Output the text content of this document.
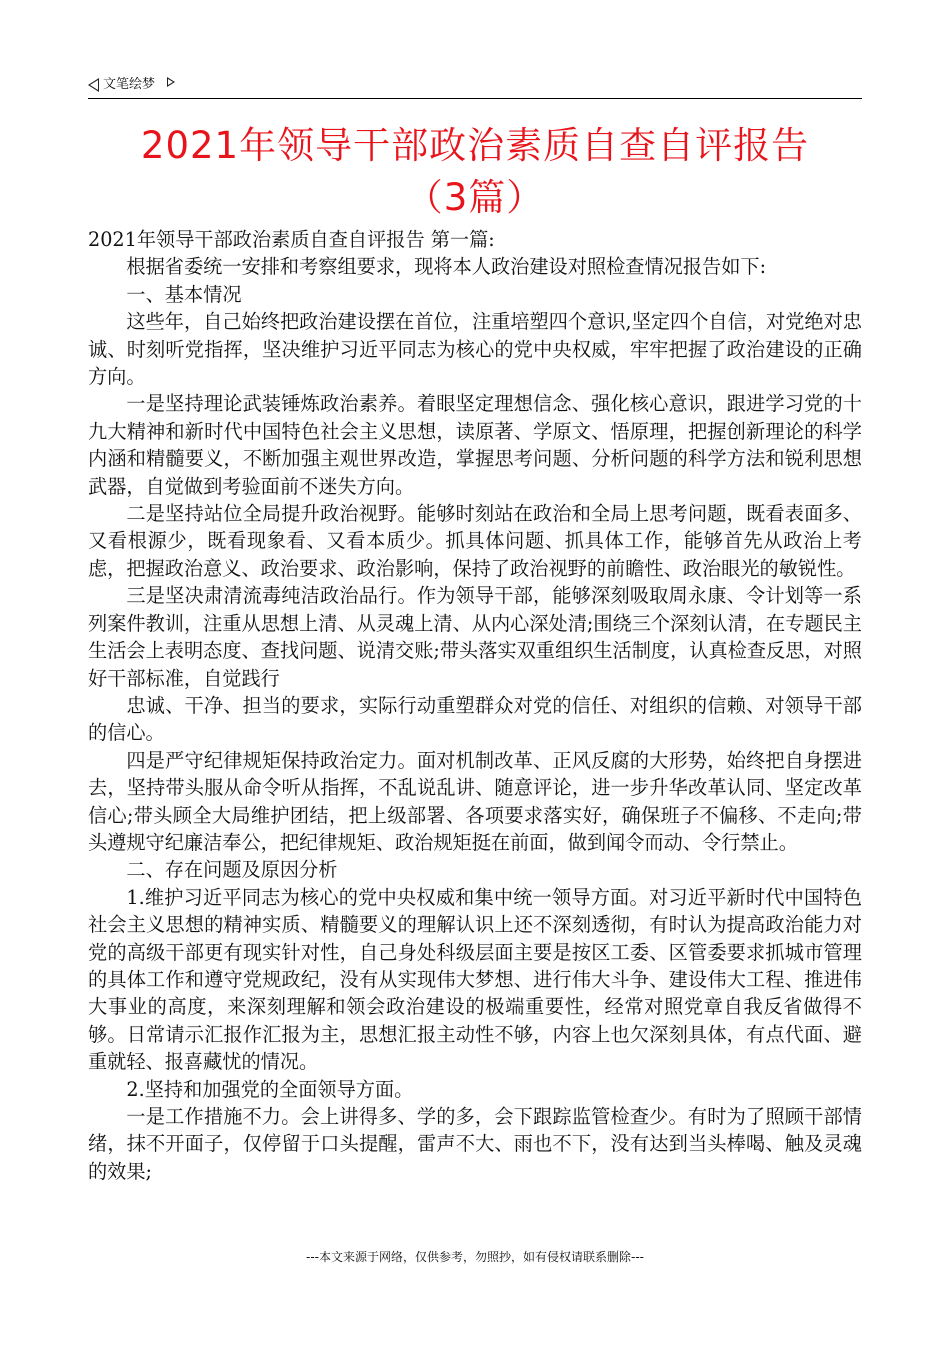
文笔绘梦
2021年领导干部政治素质自查自评报告
（3篇）

2021年领导干部政治素质自查自评报告 第一篇:

根据省委统一安排和考察组要求，现将本人政治建设对照检查情况报告如下:

一、基本情况

这些年，自己始终把政治建设摆在首位，注重培塑四个意识,坚定四个自信，对党绝对忠诚、时刻听党指挥，坚决维护习近平同志为核心的党中央权威，牢牢把握了政治建设的正确方向。

一是坚持理论武装锤炼政治素养。着眼坚定理想信念、强化核心意识，跟进学习党的十九大精神和新时代中国特色社会主义思想，读原著、学原文、悟原理，把握创新理论的科学内涵和精髓要义，不断加强主观世界改造，掌握思考问题、分析问题的科学方法和锐利思想武器，自觉做到考验面前不迷失方向。

二是坚持站位全局提升政治视野。能够时刻站在政治和全局上思考问题，既看表面多、又看根源少，既看现象看、又看本质少。抓具体问题、抓具体工作，能够首先从政治上考虑，把握政治意义、政治要求、政治影响，保持了政治视野的前瞻性、政治眼光的敏锐性。

三是坚决肃清流毒纯洁政治品行。作为领导干部，能够深刻吸取周永康、令计划等一系列案件教训，注重从思想上清、从灵魂上清、从内心深处清;围绕三个深刻认清，在专题民主生活会上表明态度、查找问题、说清交账;带头落实双重组织生活制度，认真检查反思，对照好干部标准，自觉践行

忠诚、干净、担当的要求，实际行动重塑群众对党的信任、对组织的信赖、对领导干部的信心。

四是严守纪律规矩保持政治定力。面对机制改革、正风反腐的大形势，始终把自身摆进去，坚持带头服从命令听从指挥，不乱说乱讲、随意评论，进一步升华改革认同、坚定改革信心;带头顾全大局维护团结，把上级部署、各项要求落实好，确保班子不偏移、不走向;带头遵规守纪廉洁奉公，把纪律规矩、政治规矩挺在前面，做到闻令而动、令行禁止。

二、存在问题及原因分析

1.维护习近平同志为核心的党中央权威和集中统一领导方面。对习近平新时代中国特色社会主义思想的精神实质、精髓要义的理解认识上还不深刻透彻，有时认为提高政治能力对党的高级干部更有现实针对性，自己身处科级层面主要是按区工委、区管委要求抓城市管理的具体工作和遵守党规政纪，没有从实现伟大梦想、进行伟大斗争、建设伟大工程、推进伟大事业的高度，来深刻理解和领会政治建设的极端重要性，经常对照党章自我反省做得不够。日常请示汇报作汇报为主，思想汇报主动性不够，内容上也欠深刻具体，有点代面、避重就轻、报喜藏忧的情况。

2.坚持和加强党的全面领导方面。

一是工作措施不力。会上讲得多、学的多，会下跟踪监管检查少。有时为了照顾干部情绪，抹不开面子，仅停留于口头提醒，雷声不大、雨也不下，没有达到当头棒喝、触及灵魂的效果;

---本文来源于网络，仅供参考，勿照抄，如有侵权请联系删除---
